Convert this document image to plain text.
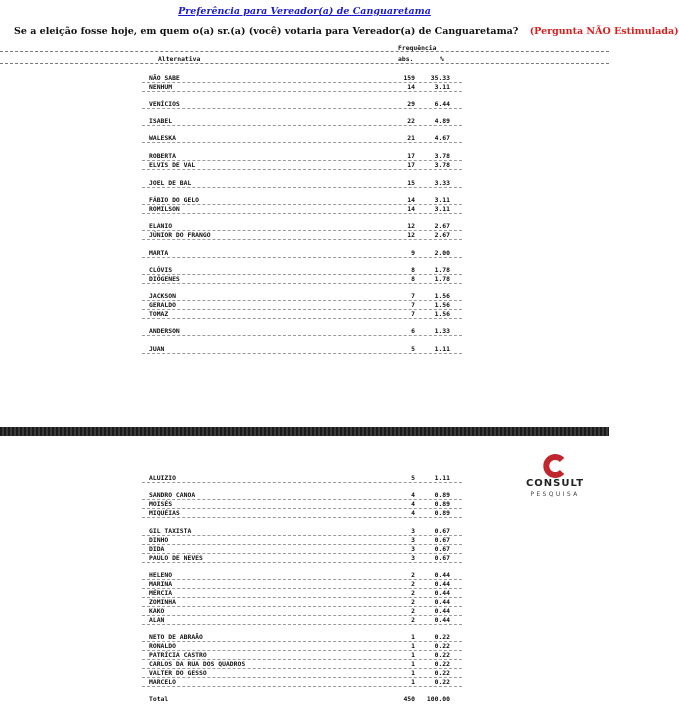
Preferência para Vereador(a) de Canguaretama
Se a eleição fosse hoje, em quem o(a) sr.(a) (você) votaria para Vereador(a) de Canguaretama? (Pergunta NÃO Estimulada)
Frequência
Alternativa	abs.	%
NÃO SABE	159	35.33
NENHUM	14	3.11
VENÍCIOS	29	6.44
ISABEL	22	4.89
WALESKA	21	4.67
ROBERTA	17	3.78
ELVIS DE VAL	17	3.78
JOEL DE BAL	15	3.33
FÁBIO DO GELO	14	3.11
ROMILSON	14	3.11
ELANIO	12	2.67
JÚNIOR DO FRANGO	12	2.67
MARTA	9	2.00
CLÓVIS	8	1.78
DIÓGENES	8	1.78
JACKSON	7	1.56
GERALDO	7	1.56
TOMAZ	7	1.56
ANDERSON	6	1.33
JUAN	5	1.11
CONSULT
PESQUISA
ALUIZIO	5	1.11
SANDRO CANOA	4	0.89
MOISÉS	4	0.89
MIQUÉIAS	4	0.89
GIL TAXISTA	3	0.67
DINHO	3	0.67
DIDA	3	0.67
PAULO DE NEVES	3	0.67
HELENO	2	0.44
MARINA	2	0.44
MÉRCIA	2	0.44
ZOMINHA	2	0.44
KAKO	2	0.44
ALAN	2	0.44
NETO DE ABRAÃO	1	0.22
RONALDO	1	0.22
PATRÍCIA CASTRO	1	0.22
CARLOS DA RUA DOS QUADROS	1	0.22
VALTER DO GESSO	1	0.22
MARCELO	1	0.22
Total	450	100.00
